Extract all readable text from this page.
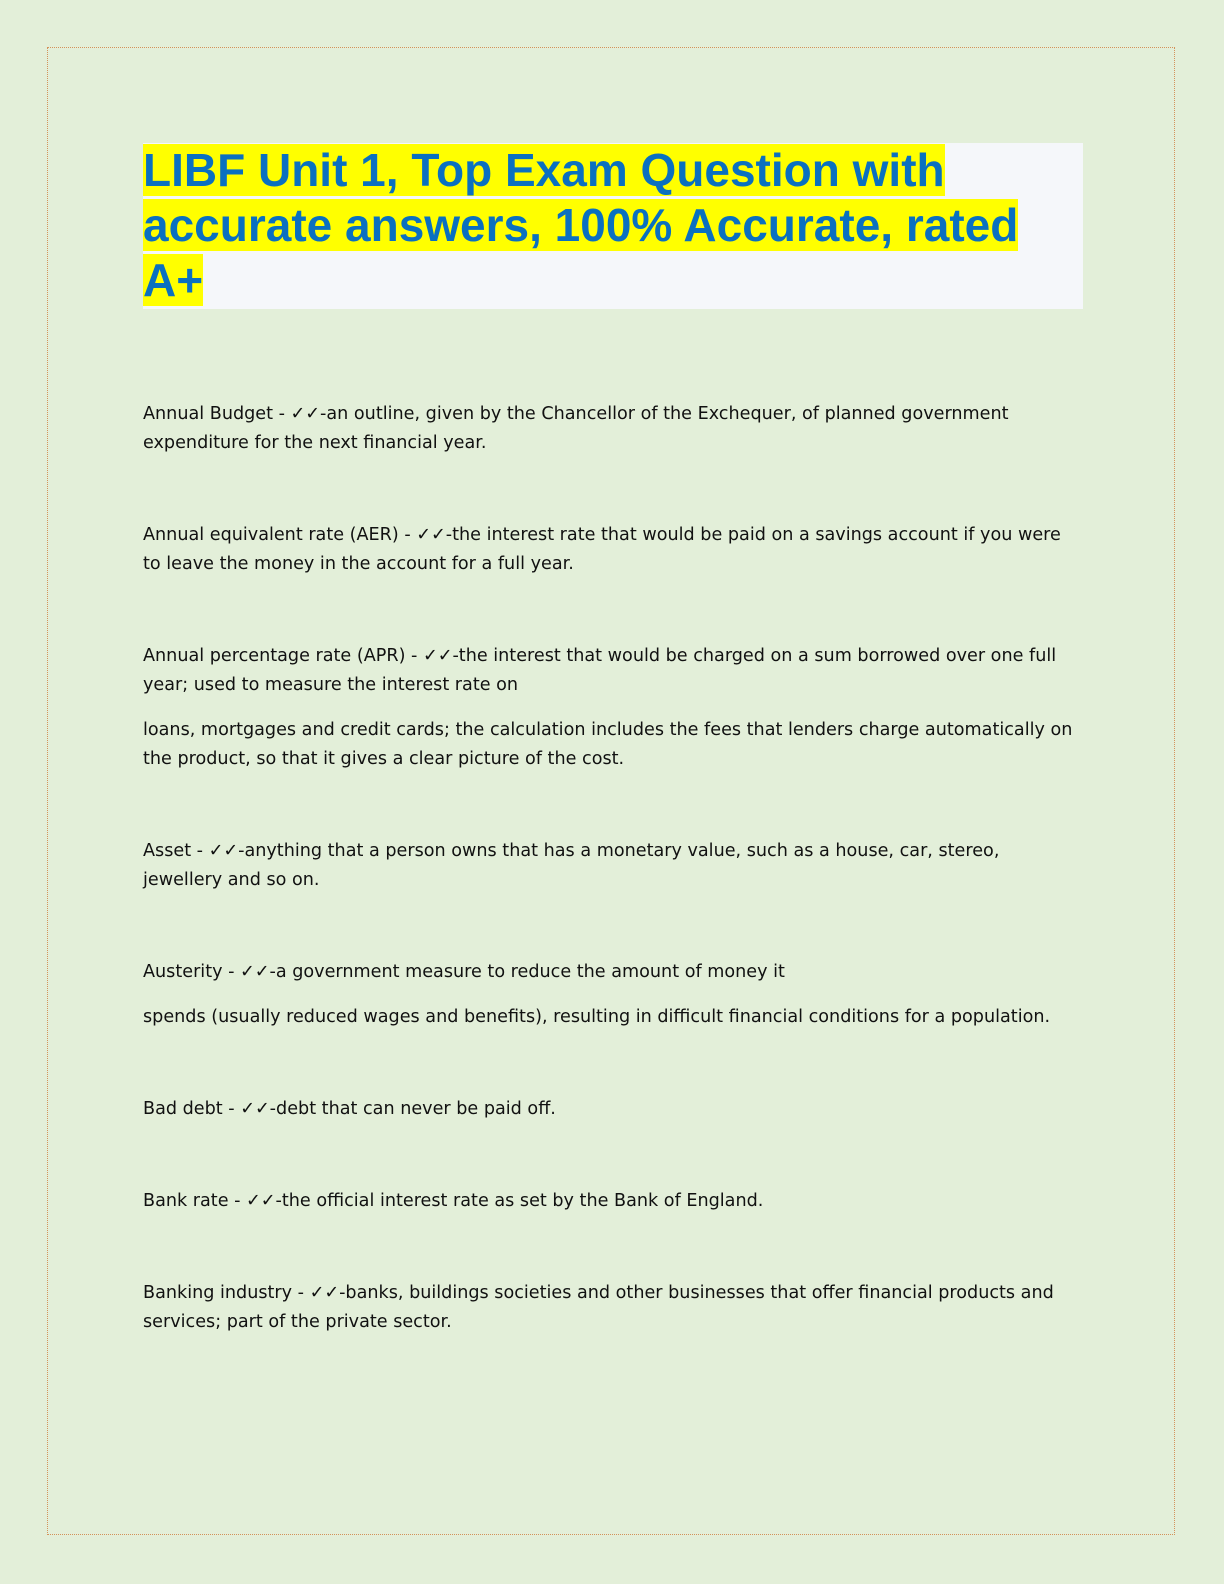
LIBF Unit 1, Top Exam Question with accurate answers, 100% Accurate, rated A+

Annual Budget - ✓✓-an outline, given by the Chancellor of the Exchequer, of planned government expenditure for the next financial year.

Annual equivalent rate (AER) - ✓✓-the interest rate that would be paid on a savings account if you were to leave the money in the account for a full year.

Annual percentage rate (APR) - ✓✓-the interest that would be charged on a sum borrowed over one full year; used to measure the interest rate on

loans, mortgages and credit cards; the calculation includes the fees that lenders charge automatically on the product, so that it gives a clear picture of the cost.

Asset - ✓✓-anything that a person owns that has a monetary value, such as a house, car, stereo, jewellery and so on.

Austerity - ✓✓-a government measure to reduce the amount of money it

spends (usually reduced wages and benefits), resulting in difficult financial conditions for a population.

Bad debt - ✓✓-debt that can never be paid off.

Bank rate - ✓✓-the official interest rate as set by the Bank of England.

Banking industry - ✓✓-banks, buildings societies and other businesses that offer financial products and services; part of the private sector.
